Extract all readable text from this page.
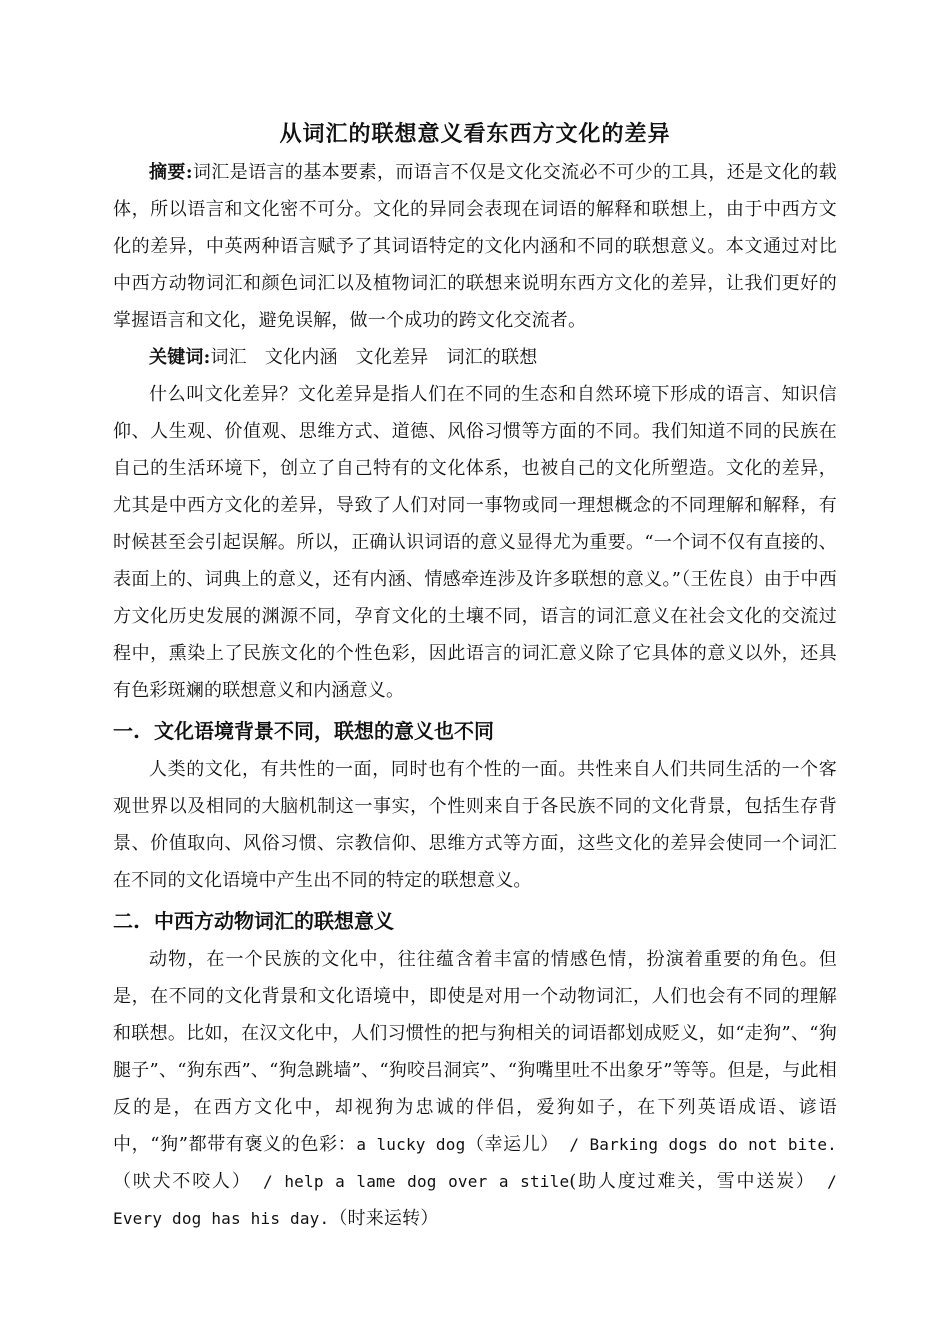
从词汇的联想意义看东西方文化的差异

摘要:词汇是语言的基本要素，而语言不仅是文化交流必不可少的工具，还是文化的载体，所以语言和文化密不可分。文化的异同会表现在词语的解释和联想上，由于中西方文化的差异，中英两种语言赋予了其词语特定的文化内涵和不同的联想意义。本文通过对比中西方动物词汇和颜色词汇以及植物词汇的联想来说明东西方文化的差异，让我们更好的掌握语言和文化，避免误解，做一个成功的跨文化交流者。

关键词:词汇 文化内涵 文化差异 词汇的联想

什么叫文化差异？文化差异是指人们在不同的生态和自然环境下形成的语言、知识信仰、人生观、价值观、思维方式、道德、风俗习惯等方面的不同。我们知道不同的民族在自己的生活环境下，创立了自己特有的文化体系，也被自己的文化所塑造。文化的差异，尤其是中西方文化的差异，导致了人们对同一事物或同一理想概念的不同理解和解释，有时候甚至会引起误解。所以，正确认识词语的意义显得尤为重要。“一个词不仅有直接的、表面上的、词典上的意义，还有内涵、情感牵连涉及许多联想的意义。”（王佐良）由于中西方文化历史发展的渊源不同，孕育文化的土壤不同，语言的词汇意义在社会文化的交流过程中，熏染上了民族文化的个性色彩，因此语言的词汇意义除了它具体的意义以外，还具有色彩斑斓的联想意义和内涵意义。

一. 文化语境背景不同，联想的意义也不同

人类的文化，有共性的一面，同时也有个性的一面。共性来自人们共同生活的一个客观世界以及相同的大脑机制这一事实，个性则来自于各民族不同的文化背景，包括生存背景、价值取向、风俗习惯、宗教信仰、思维方式等方面，这些文化的差异会使同一个词汇在不同的文化语境中产生出不同的特定的联想意义。

二. 中西方动物词汇的联想意义

动物，在一个民族的文化中，往往蕴含着丰富的情感色情，扮演着重要的角色。但是，在不同的文化背景和文化语境中，即使是对用一个动物词汇，人们也会有不同的理解和联想。比如，在汉文化中，人们习惯性的把与狗相关的词语都划成贬义，如“走狗”、“狗腿子”、“狗东西”、“狗急跳墙”、“狗咬吕洞宾”、“狗嘴里吐不出象牙”等等。但是，与此相反的是，在西方文化中，却视狗为忠诚的伴侣，爱狗如子，在下列英语成语、谚语中，“狗”都带有褒义的色彩：a lucky dog（幸运儿） / Barking dogs do not bite.（吠犬不咬人） / help a lame dog over a stile(助人度过难关，雪中送炭） / Every dog has his day.（时来运转）
